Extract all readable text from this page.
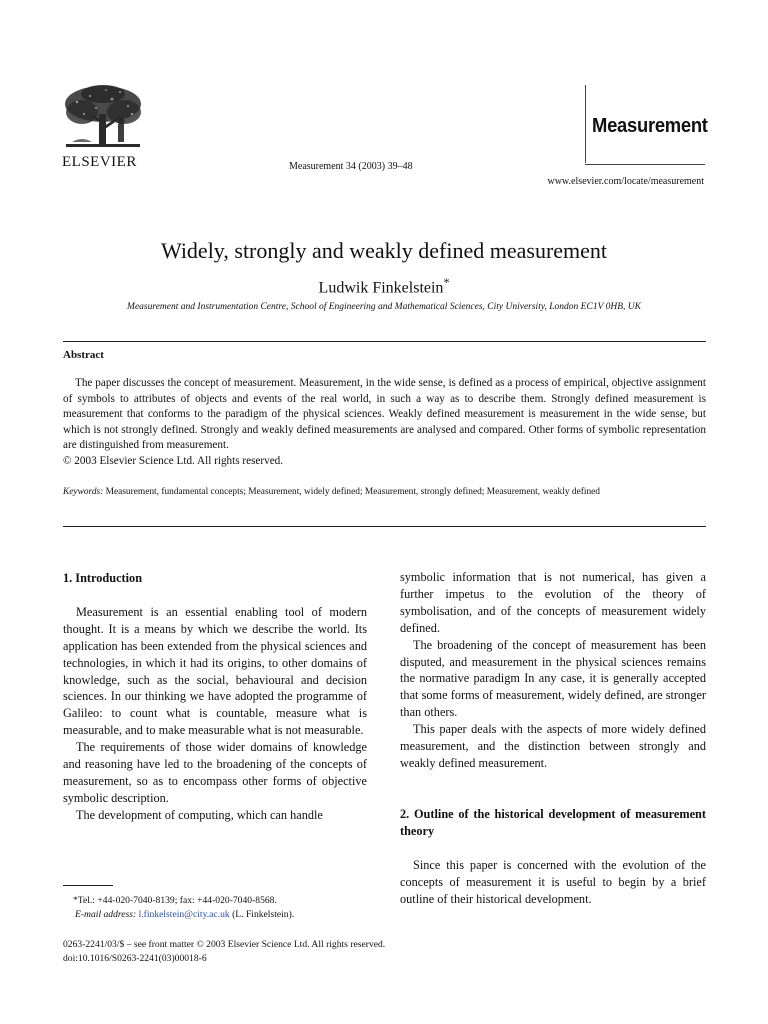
ELSEVIER	Measurement 34 (2003) 39–48
Measurement
www.elsevier.com/locate/measurement
Widely, strongly and weakly defined measurement
Ludwik Finkelstein*
Measurement and Instrumentation Centre, School of Engineering and Mathematical Sciences, City University, London EC1V 0HB, UK
Abstract

The paper discusses the concept of measurement. Measurement, in the wide sense, is defined as a process of empirical, objective assignment of symbols to attributes of objects and events of the real world, in such a way as to describe them. Strongly defined measurement is measurement that conforms to the paradigm of the physical sciences. Weakly defined measurement is measurement in the wide sense, but which is not strongly defined. Strongly and weakly defined measurements are analysed and compared. Other forms of symbolic representation are distinguished from measurement.

© 2003 Elsevier Science Ltd. All rights reserved.

Keywords: Measurement, fundamental concepts; Measurement, widely defined; Measurement, strongly defined; Measurement, weakly defined

1. Introduction

Measurement is an essential enabling tool of modern thought. It is a means by which we describe the world. Its application has been extended from the physical sciences and technologies, in which it had its origins, to other domains of knowledge, such as the social, behavioural and decision sciences. In our thinking we have adopted the programme of Galileo: to count what is countable, measure what is measurable, and to make measurable what is not measurable.

The requirements of those wider domains of knowledge and reasoning have led to the broadening of the concepts of measurement, so as to encompass other forms of objective symbolic description.

The development of computing, which can handle

symbolic information that is not numerical, has given a further impetus to the evolution of the theory of symbolisation, and of the concepts of measurement widely defined.

The broadening of the concept of measurement has been disputed, and measurement in the physical sciences remains the normative paradigm In any case, it is generally accepted that some forms of measurement, widely defined, are stronger than others.

This paper deals with the aspects of more widely defined measurement, and the distinction between strongly and weakly defined measurement.

2. Outline of the historical development of measurement theory

Since this paper is concerned with the evolution of the concepts of measurement it is useful to begin by a brief outline of their historical development.

*Tel.: +44-020-7040-8139; fax: +44-020-7040-8568.
E-mail address: l.finkelstein@city.ac.uk (L. Finkelstein).
0263-2241/03/$ – see front matter © 2003 Elsevier Science Ltd. All rights reserved.
doi:10.1016/S0263-2241(03)00018-6
